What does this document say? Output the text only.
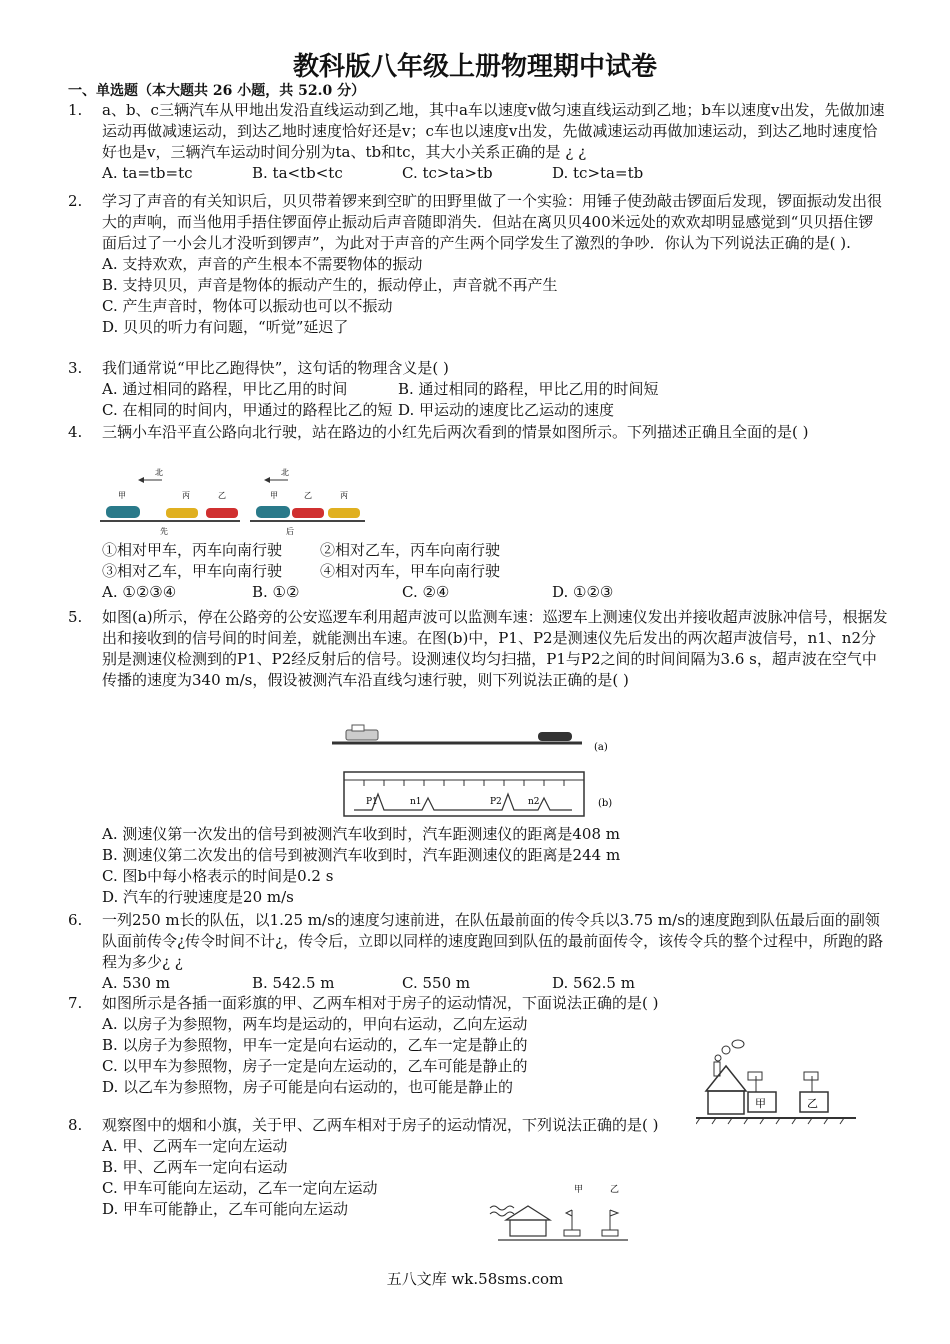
教科版八年级上册物理期中试卷
一、单选题（本大题共 26 小题，共 52.0 分）
1.	a、b、c三辆汽车从甲地出发沿直线运动到乙地，其中a车以速度v做匀速直线运动到乙地；b车以速度v出发，先做加速运动再做减速运动，到达乙地时速度恰好还是v；c车也以速度v出发，先做减速运动再做加速运动，到达乙地时速度恰好也是v，三辆汽车运动时间分别为ta、tb和tc，其大小关系正确的是 ¿ ¿
A. ta=tb=tc	B. ta<tb<tc	C. tc>ta>tb	D. tc>ta=tb
2.	学习了声音的有关知识后，贝贝带着锣来到空旷的田野里做了一个实验：用锤子使劲敲击锣面后发现，锣面振动发出很大的声响，而当他用手捂住锣面停止振动后声音随即消失．但站在离贝贝400米远处的欢欢却明显感觉到“贝贝捂住锣面后过了一小会儿才没听到锣声”，为此对于声音的产生两个同学发生了激烈的争吵．你认为下列说法正确的是( ).
A. 支持欢欢，声音的产生根本不需要物体的振动
B. 支持贝贝，声音是物体的振动产生的，振动停止，声音就不再产生
C. 产生声音时，物体可以振动也可以不振动
D. 贝贝的听力有问题，“听觉”延迟了
3.	我们通常说“甲比乙跑得快”，这句话的物理含义是( )
A. 通过相同的路程，甲比乙用的时间	B. 通过相同的路程，甲比乙用的时间短
C. 在相同的时间内，甲通过的路程比乙的短 D. 甲运动的速度比乙运动的速度
4.	三辆小车沿平直公路向北行驶，站在路边的小红先后两次看到的情景如图所示。下列描述正确且全面的是( )
北	北
甲	丙	乙	甲	乙	丙
先	后
①相对甲车，丙车向南行驶	②相对乙车，丙车向南行驶
③相对乙车，甲车向南行驶	④相对丙车，甲车向南行驶
A. ①②③④	B. ①②	C. ②④	D. ①②③
5.	如图(a)所示，停在公路旁的公安巡逻车利用超声波可以监测车速：巡逻车上测速仪发出并接收超声波脉冲信号，根据发出和接收到的信号间的时间差，就能测出车速。在图(b)中，P1、P2是测速仪先后发出的两次超声波信号，n1、n2分别是测速仪检测到的P1、P2经反射后的信号。设测速仪均匀扫描，P1与P2之间的时间间隔为3.6 s，超声波在空气中传播的速度为340 m/s，假设被测汽车沿直线匀速行驶，则下列说法正确的是( )
(a)
P1	n1	P2	n2	(b)
A. 测速仪第一次发出的信号到被测汽车收到时，汽车距测速仪的距离是408 m
B. 测速仪第二次发出的信号到被测汽车收到时，汽车距测速仪的距离是244 m
C. 图b中每小格表示的时间是0.2 s
D. 汽车的行驶速度是20 m/s
6.	一列250 m长的队伍，以1.25 m/s的速度匀速前进，在队伍最前面的传令兵以3.75 m/s的速度跑到队伍最后面的副领队面前传令¿传令时间不计¿，传令后，立即以同样的速度跑回到队伍的最前面传令，该传令兵的整个过程中，所跑的路程为多少¿ ¿
A. 530 m	B. 542.5 m	C. 550 m	D. 562.5 m
7.	如图所示是各插一面彩旗的甲、乙两车相对于房子的运动情况，下面说法正确的是( )
A. 以房子为参照物，两车均是运动的，甲向右运动，乙向左运动
B. 以房子为参照物，甲车一定是向右运动的，乙车一定是静止的
C. 以甲车为参照物，房子一定是向左运动的，乙车可能是静止的
D. 以乙车为参照物，房子可能是向右运动的，也可能是静止的
甲	乙
8.	观察图中的烟和小旗，关于甲、乙两车相对于房子的运动情况，下列说法正确的是( )
A. 甲、乙两车一定向左运动
B. 甲、乙两车一定向右运动
C. 甲车可能向左运动，乙车一定向左运动
D. 甲车可能静止，乙车可能向左运动
甲	乙
五八文库 wk.58sms.com
